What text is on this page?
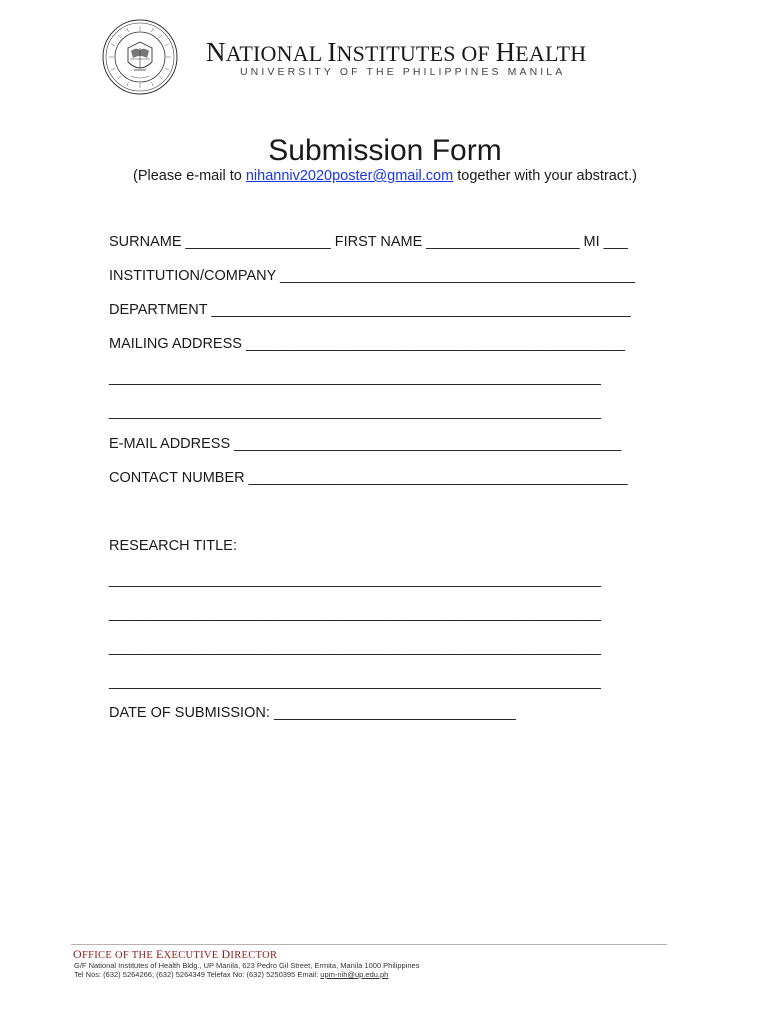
NATIONAL INSTITUTES OF HEALTH
UNIVERSITY OF THE PHILIPPINES MANILA
Submission Form
(Please e-mail to nihanniv2020poster@gmail.com together with your abstract.)
SURNAME __________________ FIRST NAME ___________________ MI ___
INSTITUTION/COMPANY ____________________________________________
DEPARTMENT ____________________________________________________
MAILING ADDRESS _______________________________________________
_____________________________________________________________
_____________________________________________________________
E-MAIL ADDRESS ________________________________________________
CONTACT NUMBER _______________________________________________
RESEARCH TITLE:
_____________________________________________________________
_____________________________________________________________
_____________________________________________________________
_____________________________________________________________
DATE OF SUBMISSION: ______________________________
OFFICE OF THE EXECUTIVE DIRECTOR
G/F National Institutes of Health Bldg., UP Manila, 623 Pedro Gil Street, Ermita, Manila 1000 Philippines
Tel Nos: (632) 5264266; (632) 5264349 Telefax No: (632) 5250395 Email: upm-nih@up.edu.ph
